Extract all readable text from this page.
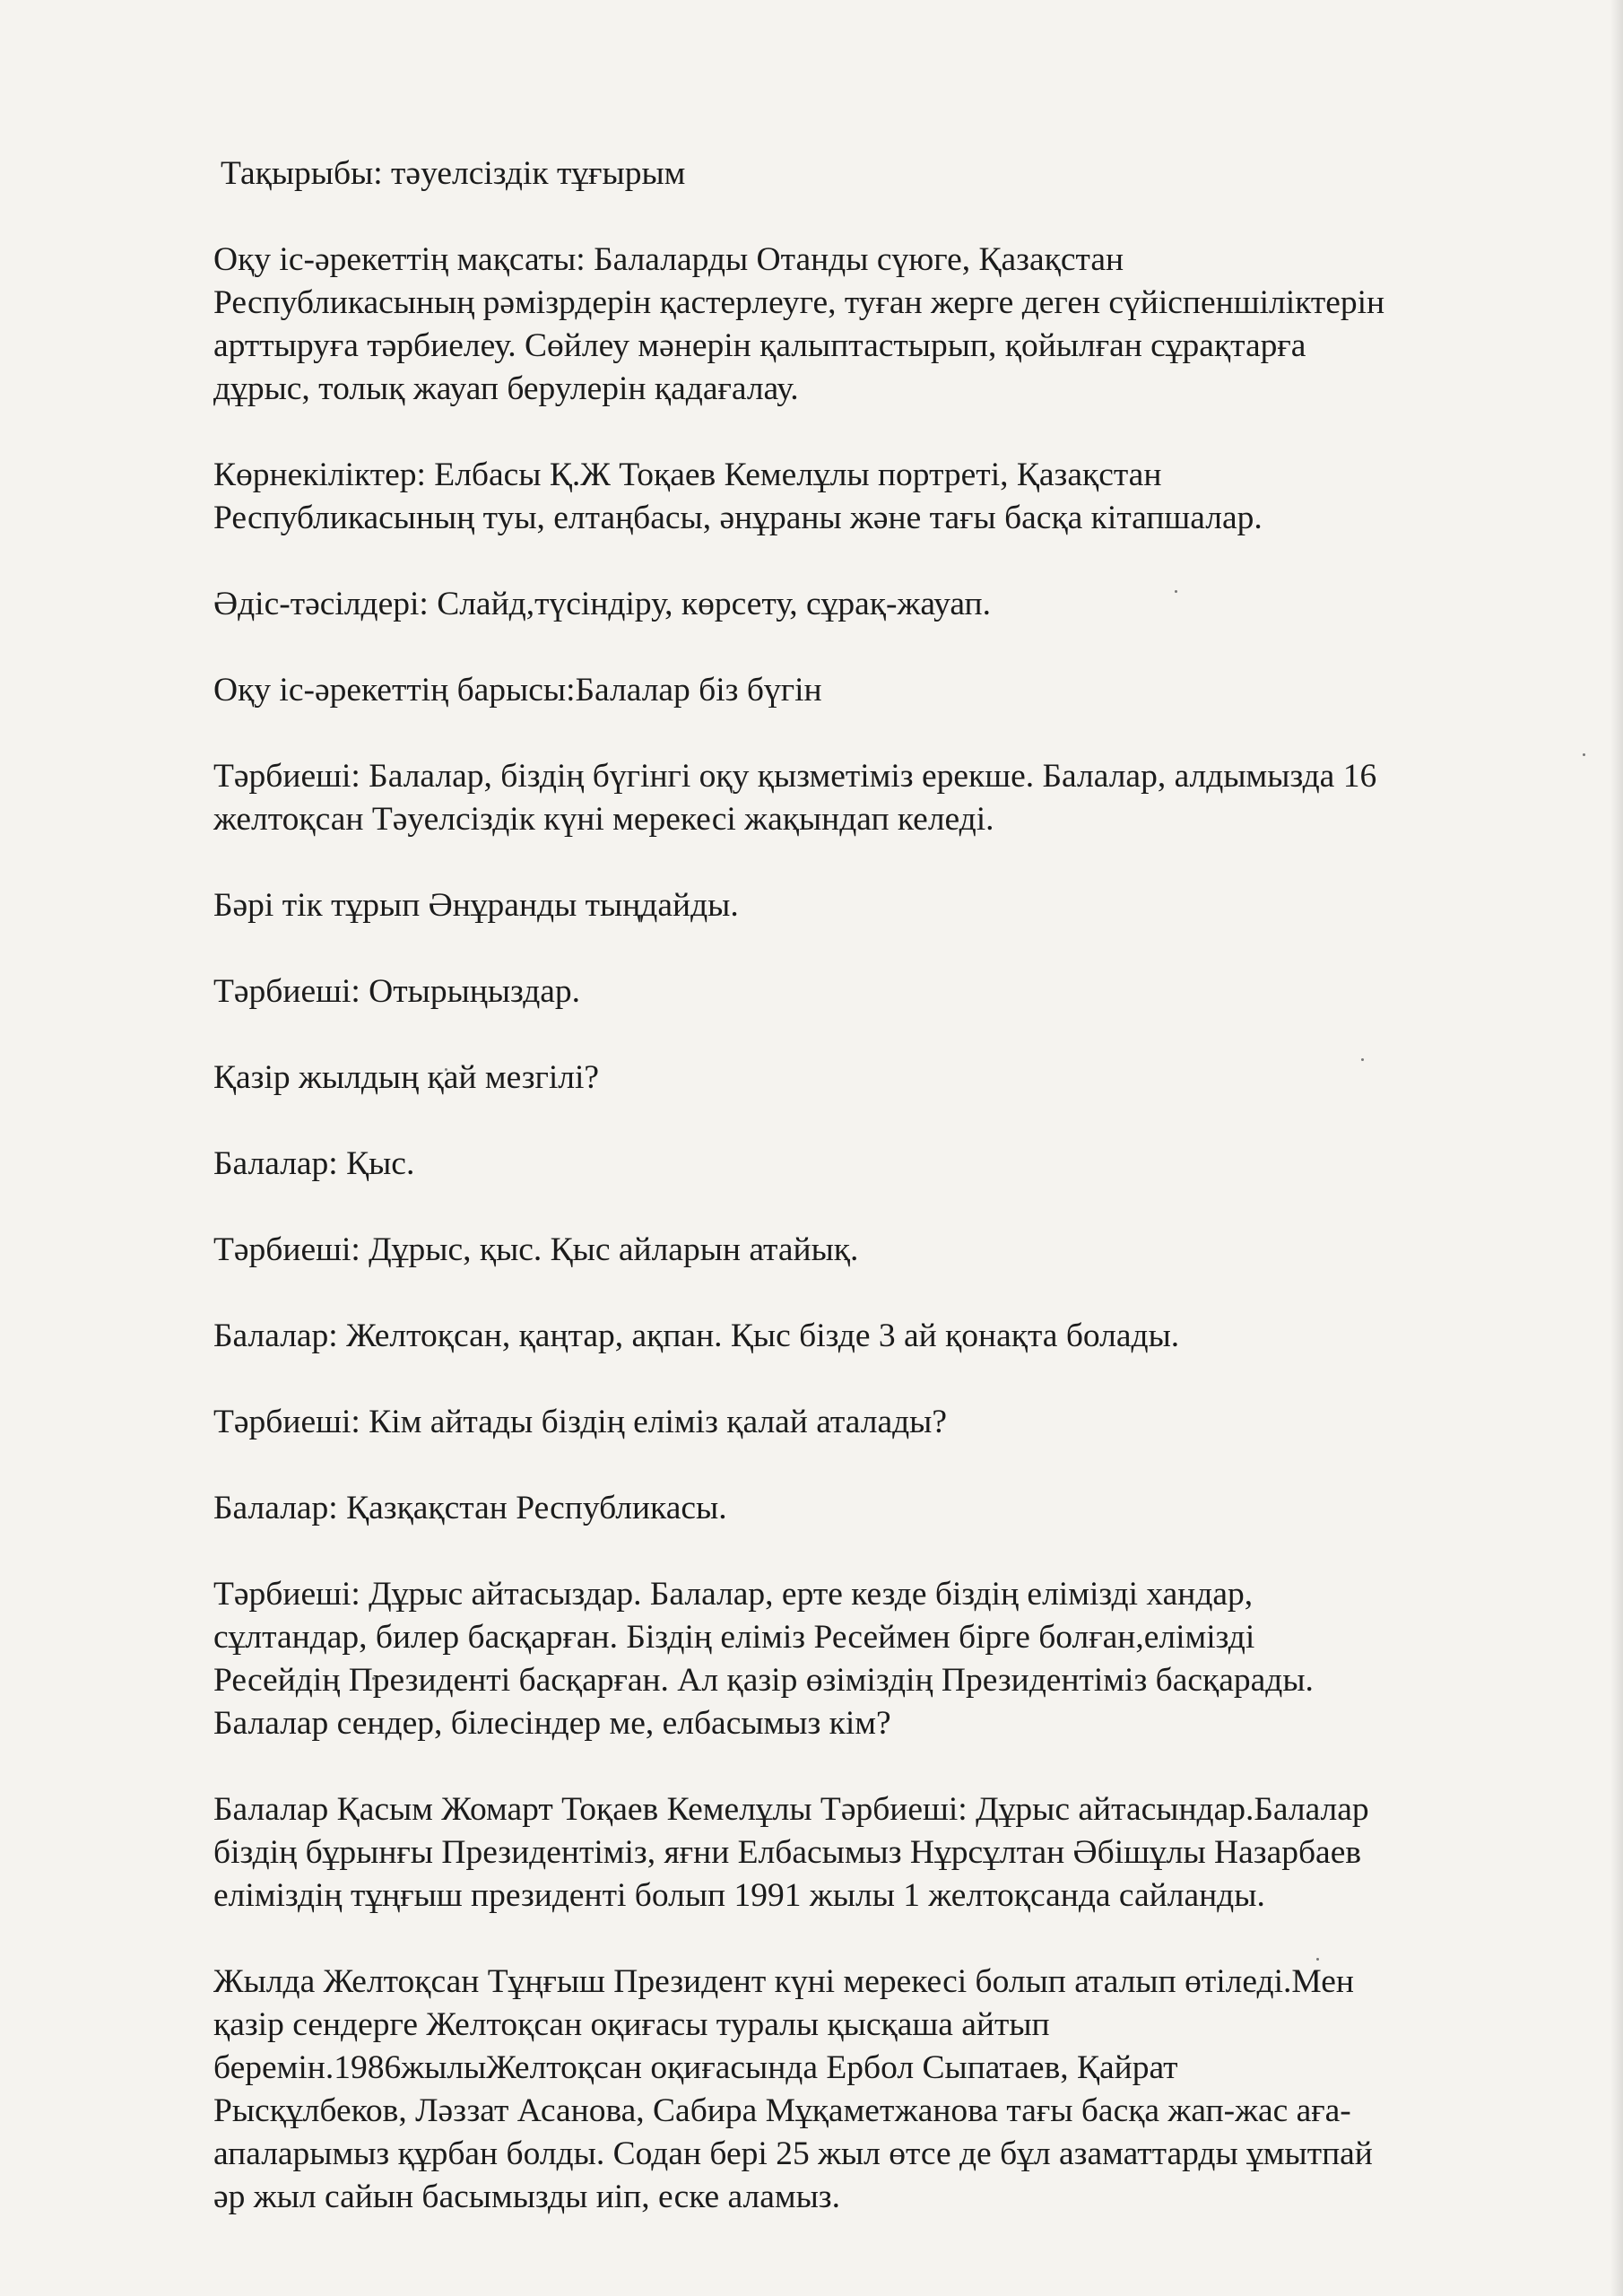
Тақырыбы: тәуелсіздік тұғырым

Оқу іс-әрекеттің мақсаты: Балаларды Отанды сүюге, Қазақстан
Республикасының рәмізрдерін қастерлеуге, туған жерге деген сүйіспеншіліктерін
арттыруға тәрбиелеу. Сөйлеу мәнерін қалыптастырып, қойылған сұрақтарға
дұрыс, толық жауап берулерін қадағалау.

Көрнекіліктер: Елбасы Қ.Ж Тоқаев Кемелұлы портреті, Қазақстан
Республикасының туы, елтаңбасы, әнұраны және тағы басқа кітапшалар.

Әдіс-тәсілдері: Слайд,түсіндіру, көрсету, сұрақ-жауап.

Оқу іс-әрекеттің барысы:Балалар біз бүгін

Тәрбиеші: Балалар, біздің бүгінгі оқу қызметіміз ерекше. Балалар, алдымызда 16
желтоқсан Тәуелсіздік күні мерекесі жақындап келеді.

Бәрі тік тұрып Әнұранды тыңдайды.

Тәрбиеші: Отырыңыздар.

Қазір жылдың қай мезгілі?

Балалар: Қыс.

Тәрбиеші: Дұрыс, қыс. Қыс айларын атайық.

Балалар: Желтоқсан, қаңтар, ақпан. Қыс бізде 3 ай қонақта болады.

Тәрбиеші: Кім айтады біздің еліміз қалай аталады?

Балалар: Қазқақстан Республикасы.

Тәрбиеші: Дұрыс айтасыздар. Балалар, ерте кезде біздің елімізді хандар,
сұлтандар, билер басқарған. Біздің еліміз Ресеймен бірге болған,елімізді
Ресейдің Президенті басқарған. Ал қазір өзіміздің Президентіміз басқарады.
Балалар сендер, білесіндер ме, елбасымыз кім?

Балалар Қасым Жомарт Тоқаев Кемелұлы Тәрбиеші: Дұрыс айтасындар.Балалар
біздің бұрынғы Президентіміз, яғни Елбасымыз Нұрсұлтан Әбішұлы Назарбаев
еліміздің тұңғыш президенті болып 1991 жылы 1 желтоқсанда сайланды.

Жылда Желтоқсан Тұңғыш Президент күні мерекесі болып аталып өтіледі.Мен
қазір сендерге Желтоқсан оқиғасы туралы қысқаша айтып
беремін.1986жылыЖелтоқсан оқиғасында Ербол Сыпатаев, Қайрат
Рысқұлбеков, Ләззат Асанова, Сабира Мұқаметжанова тағы басқа жап-жас аға-
апаларымыз құрбан болды. Содан бері 25 жыл өтсе де бұл азаматтарды ұмытпай
әр жыл сайын басымызды иіп, еске аламыз.
